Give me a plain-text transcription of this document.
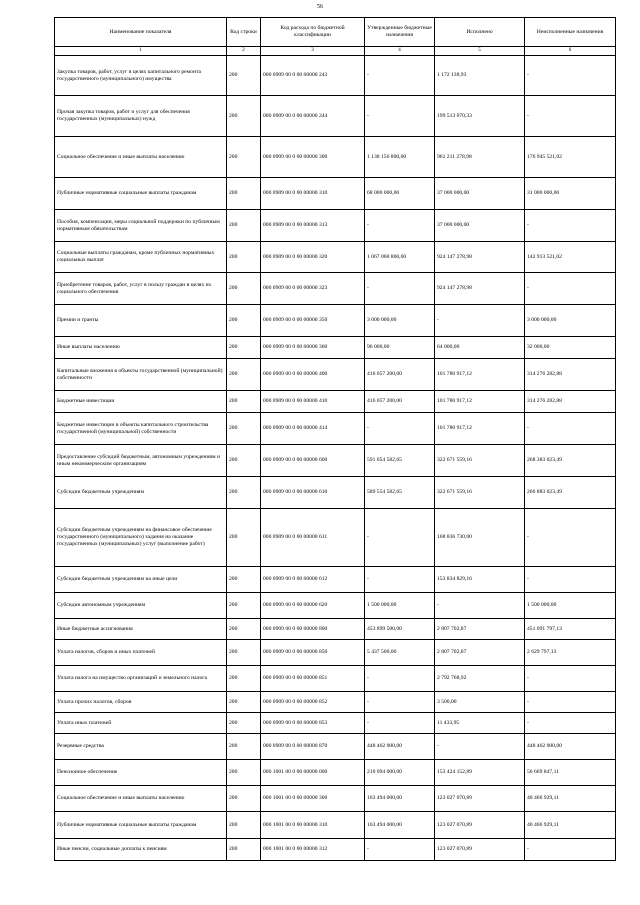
56
Наименование показателя	Код строки	Код расхода по бюджетной классификации	Утвержденные бюджетные назначения	Исполнено	Неисполненные назначения
1	2	3	4	5	6
Закупка товаров, работ, услуг в целях капитального ремонта государственного (муниципального) имущества	200	000 0909 00 0 00 00000 243	-	1 172 138,93	-
Прочая закупка товаров, работ и услуг для обеспечения государственных (муниципальных) нужд	200	000 0909 00 0 00 00000 244	-	199 513 070,33	-
Социальное обеспечение и иные выплаты населению	200	000 0909 00 0 00 00000 300	1 138 156 800,00	961 211 278,98	176 945 521,02
Публичные нормативные социальные выплаты гражданам	200	000 0909 00 0 00 00000 310	68 000 000,00	37 000 000,00	31 000 000,00
Пособия, компенсации, меры социальной поддержки по публичным нормативным обязательствам	200	000 0909 00 0 00 00000 313	-	37 000 000,00	-
Социальные выплаты гражданам, кроме публичных нормативных социальных выплат	200	000 0909 00 0 00 00000 320	1 067 060 800,00	924 147 278,98	142 913 521,02
Приобретение товаров, работ, услуг в пользу граждан в целях их социального обеспечения	200	000 0909 00 0 00 00000 323	-	924 147 278,98	-
Премии и гранты	200	000 0909 00 0 00 00000 350	3 000 000,00	-	3 000 000,00
Иные выплаты населению	200	000 0909 00 0 00 00000 360	96 000,00	64 000,00	32 000,00
Капитальные вложения в объекты государственной (муниципальной) собственности	200	000 0909 00 0 00 00000 400	416 057 200,00	101 780 917,12	314 276 282,88
Бюджетные инвестиции	200	000 0909 00 0 00 00000 410	416 057 200,00	101 780 917,12	314 276 282,88
Бюджетные инвестиции в объекты капитального строительства государственной (муниципальной) собственности	200	000 0909 00 0 00 00000 414	-	101 780 917,12	-
Предоставление субсидий бюджетным, автономным учреждениям и иным некоммерческим организациям	200	000 0909 00 0 00 00000 600	591 054 582,65	322 671 559,16	268 383 023,49
Субсидии бюджетным учреждениям	200	000 0909 00 0 00 00000 610	589 554 582,65	322 671 559,16	266 883 023,49
Субсидии бюджетным учреждениям на финансовое обеспечение государственного (муниципального) задания на оказание государственных (муниципальных) услуг (выполнение работ)	200	000 0909 00 0 00 00000 611	-	168 836 730,00	-
Субсидии бюджетным учреждениям на иные цели	200	000 0909 00 0 00 00000 612	-	153 834 829,16	-
Субсидии автономным учреждениям	200	000 0909 00 0 00 00000 620	1 500 000,00	-	1 500 000,00
Иные бюджетные ассигнования	200	000 0909 00 0 00 00000 800	453 899 500,00	2 807 702,87	451 091 797,13
Уплата налогов, сборов и иных платежей	200	000 0909 00 0 00 00000 850	5 437 500,00	2 807 702,87	2 629 797,13
Уплата налога на имущество организаций и земельного налога	200	000 0909 00 0 00 00000 851	-	2 792 768,92	-
Уплата прочих налогов, сборов	200	000 0909 00 0 00 00000 852	-	3 500,00	-
Уплата иных платежей	200	000 0909 00 0 00 00000 853	-	11 433,95	-
Резервные средства	200	000 0909 00 0 00 00000 870	448 462 000,00	-	448 462 000,00
Пенсионное обеспечение	200	000 1001 00 0 00 00000 000	210 094 000,00	153 424 152,89	56 669 847,11
Социальное обеспечение и иные выплаты населению	200	000 1001 00 0 00 00000 300	163 494 000,00	123 027 070,89	40 466 929,11
Публичные нормативные социальные выплаты гражданам	200	000 1001 00 0 00 00000 310	163 494 000,00	123 027 070,89	40 466 929,11
Иные пенсии, социальные доплаты к пенсиям	200	000 1001 00 0 00 00000 312	-	123 027 070,89	-
